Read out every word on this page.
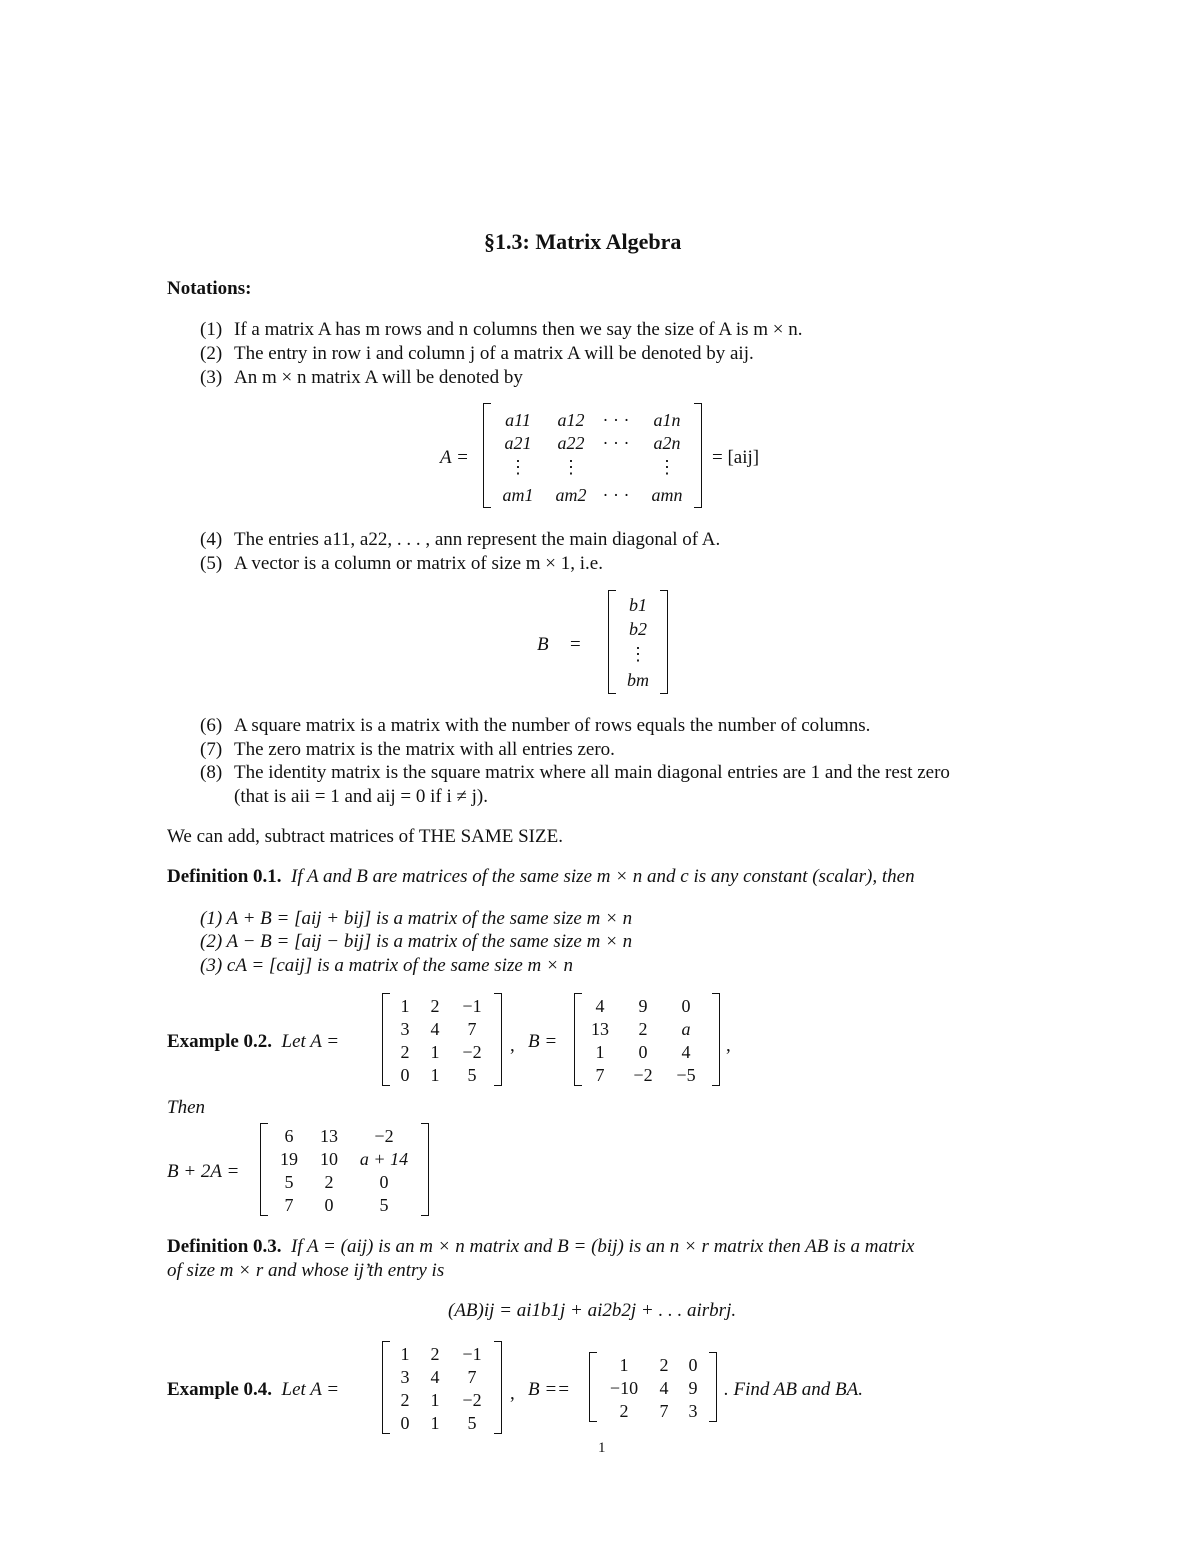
§1.3: Matrix Algebra
Notations:
(1) If a matrix A has m rows and n columns then we say the size of A is m × n.
(2) The entry in row i and column j of a matrix A will be denoted by aij.
(3) An m × n matrix A will be denoted by
A =
a11 a12 · · · a1n
a21 a22 · · · a2n
⋮ ⋮	⋮
am1 am2 · · · amn
= [aij]
(4) The entries a11, a22, . . . , ann represent the main diagonal of A.
(5) A vector is a column or matrix of size m × 1, i.e.
B =
b1
b2
⋮
bm
(6) A square matrix is a matrix with the number of rows equals the number of columns.
(7) The zero matrix is the matrix with all entries zero.
(8) The identity matrix is the square matrix where all main diagonal entries are 1 and the rest zero
(that is aii = 1 and aij = 0 if i ≠ j).
We can add, subtract matrices of THE SAME SIZE.
Definition 0.1. If A and B are matrices of the same size m × n and c is any constant (scalar), then
(1) A + B = [aij + bij] is a matrix of the same size m × n
(2) A − B = [aij − bij] is a matrix of the same size m × n
(3) cA = [caij] is a matrix of the same size m × n
Example 0.2. Let A =
1 2 −1
3 4 7
2 1 −2
0 1 5
, B =
4 9 0
13 2 a
1 0 4
7 −2 −5
,
Then
B + 2A =
6 13 −2
19 10 a + 14
5 2	0
7 0	5
Definition 0.3. If A = (aij) is an m × n matrix and B = (bij) is an n × r matrix then AB is a matrix
of size m × r and whose ij’th entry is
(AB)ij = ai1b1j + ai2b2j + . . . airbrj.
Example 0.4. Let A =
1 2 −1
3 4 7
2 1 −2
0 1 5
, B ==
1 2 0
−10 4 9
2 7 3
. Find AB and BA.
1
